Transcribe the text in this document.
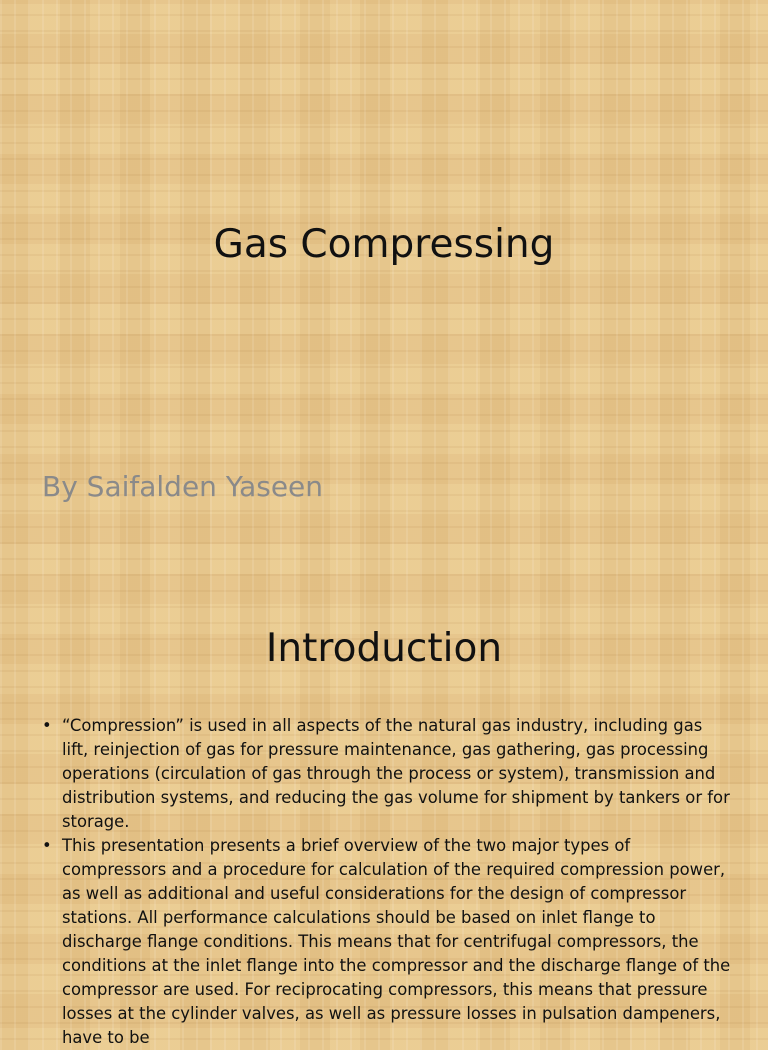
Gas Compressing
By Saifalden Yaseen
Introduction
• “Compression” is used in all aspects of the natural gas industry, including gas lift, reinjection of gas for pressure maintenance, gas gathering, gas processing operations (circulation of gas through the process or system), transmission and distribution systems, and reducing the gas volume for shipment by tankers or for storage.
• This presentation presents a brief overview of the two major types of compressors and a procedure for calculation of the required compression power, as well as additional and useful considerations for the design of compressor stations. All performance calculations should be based on inlet flange to discharge flange conditions. This means that for centrifugal compressors, the conditions at the inlet flange into the compressor and the discharge flange of the compressor are used. For reciprocating compressors, this means that pressure losses at the cylinder valves, as well as pressure losses in pulsation dampeners, have to be
